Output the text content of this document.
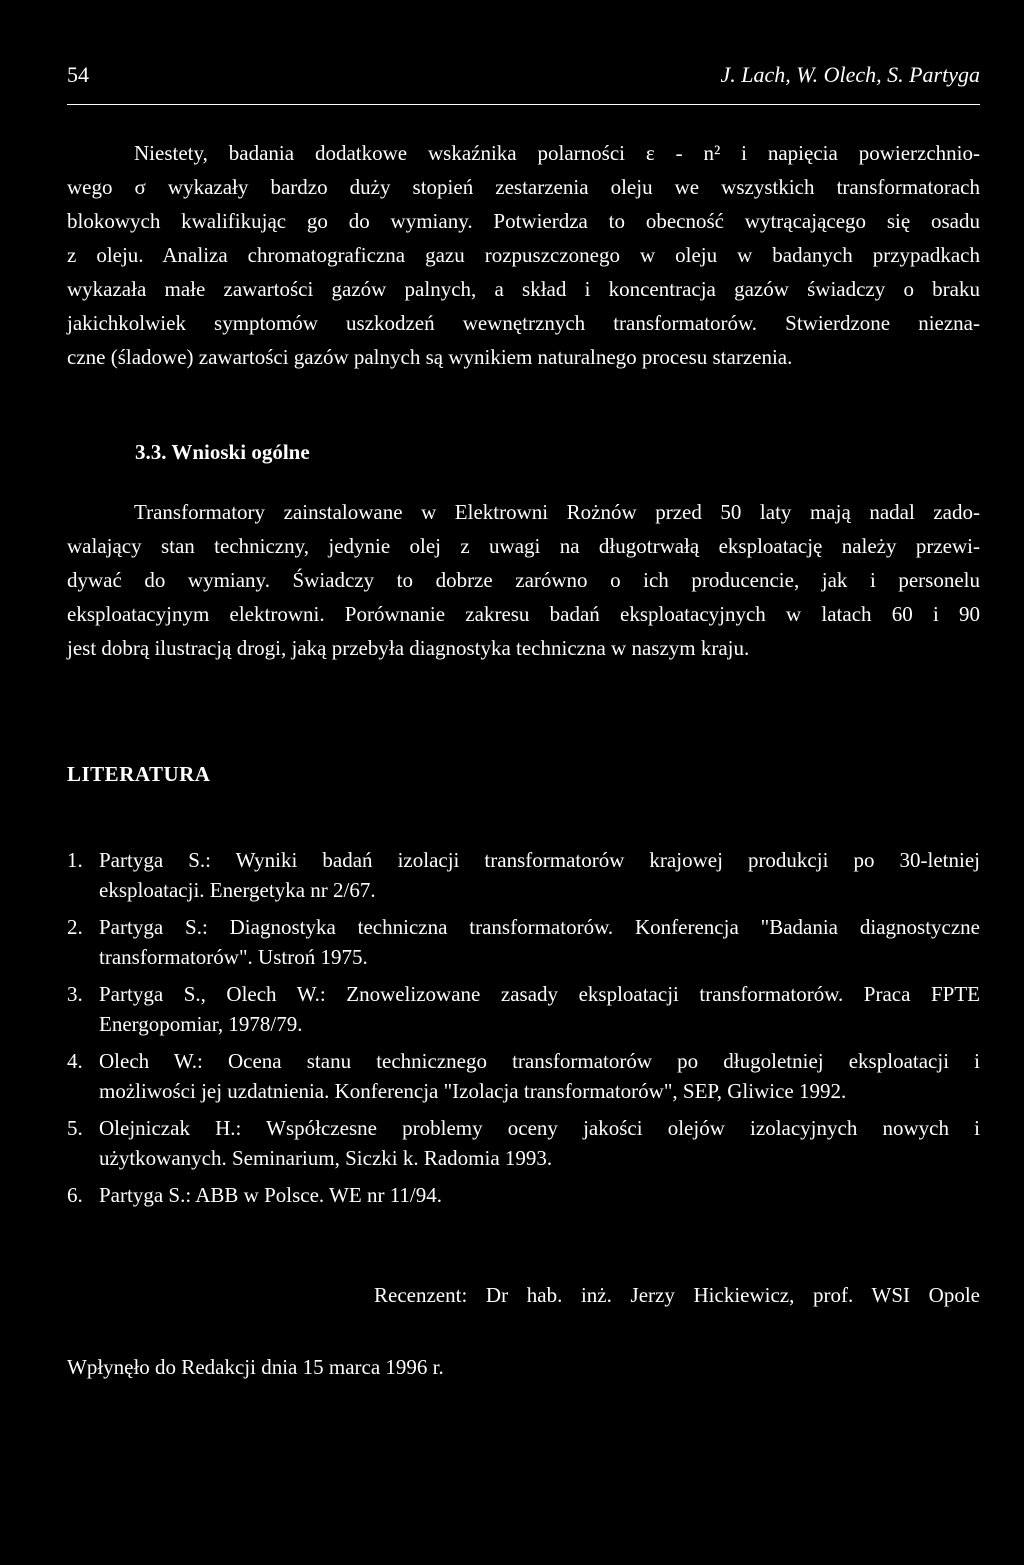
54	J. Lach, W. Olech, S. Partyga

Niestety, badania dodatkowe wskaźnika polarności ε - n² i napięcia powierzchnio-
wego σ wykazały bardzo duży stopień zestarzenia oleju we wszystkich transformatorach
blokowych kwalifikując go do wymiany. Potwierdza to obecność wytrącającego się osadu
z oleju. Analiza chromatograficzna gazu rozpuszczonego w oleju w badanych przypadkach
wykazała małe zawartości gazów palnych, a skład i koncentracja gazów świadczy o braku
jakichkolwiek symptomów uszkodzeń wewnętrznych transformatorów. Stwierdzone niezna-
czne (śladowe) zawartości gazów palnych są wynikiem naturalnego procesu starzenia.

3.3. Wnioski ogólne

Transformatory zainstalowane w Elektrowni Rożnów przed 50 laty mają nadal zado-
walający stan techniczny, jedynie olej z uwagi na długotrwałą eksploatację należy przewi-
dywać do wymiany. Świadczy to dobrze zarówno o ich producencie, jak i personelu
eksploatacyjnym elektrowni. Porównanie zakresu badań eksploatacyjnych w latach 60 i 90
jest dobrą ilustracją drogi, jaką przebyła diagnostyka techniczna w naszym kraju.

LITERATURA
1. Partyga S.: Wyniki badań izolacji transformatorów krajowej produkcji po 30-letniej
eksploatacji. Energetyka nr 2/67.
2. Partyga S.: Diagnostyka techniczna transformatorów. Konferencja "Badania diagnostyczne
transformatorów". Ustroń 1975.
3. Partyga S., Olech W.: Znowelizowane zasady eksploatacji transformatorów. Praca FPTE
Energopomiar, 1978/79.
4. Olech W.: Ocena stanu technicznego transformatorów po długoletniej eksploatacji i
możliwości jej uzdatnienia. Konferencja "Izolacja transformatorów", SEP, Gliwice 1992.
5. Olejniczak H.: Współczesne problemy oceny jakości olejów izolacyjnych nowych i
użytkowanych. Seminarium, Siczki k. Radomia 1993.
6. Partyga S.: ABB w Polsce. WE nr 11/94.
Recenzent: Dr hab. inż. Jerzy Hickiewicz, prof. WSI Opole
Wpłynęło do Redakcji dnia 15 marca 1996 r.
